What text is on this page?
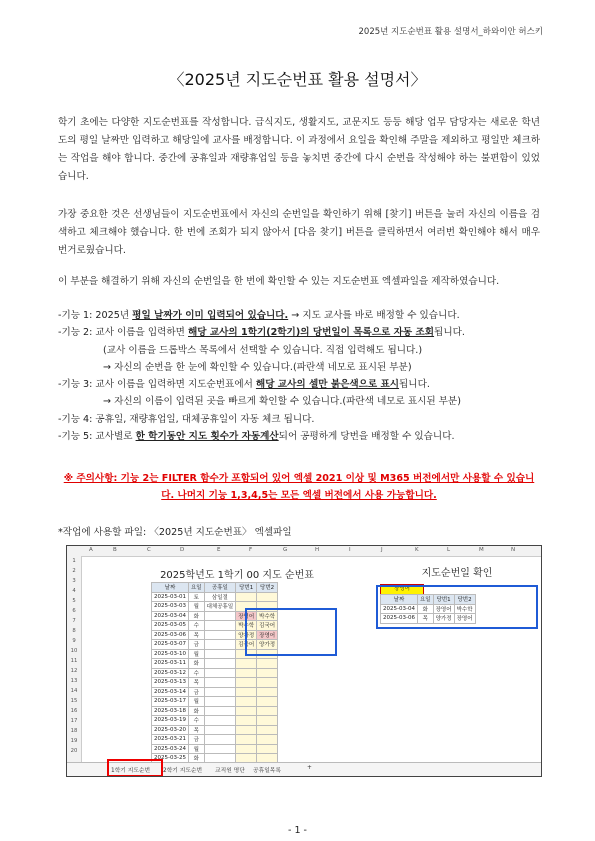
2025년 지도순번표 활용 설명서_하와이안 허스키
〈2025년 지도순번표 활용 설명서〉
학기 초에는 다양한 지도순번표를 작성합니다. 급식지도, 생활지도, 교문지도 등등 해당 업무 담당자는 새로운 학년도의 평일 날짜만 입력하고 해당일에 교사를 배정합니다. 이 과정에서 요일을 확인해 주말을 제외하고 평일만 체크하는 작업을 해야 합니다. 중간에 공휴일과 재량휴업일 등을 놓치면 중간에 다시 순번을 작성해야 하는 불편함이 있었습니다.
가장 중요한 것은 선생님들이 지도순번표에서 자신의 순번일을 확인하기 위해 [찾기] 버튼을 눌러 자신의 이름을 검색하고 체크해야 했습니다. 한 번에 조회가 되지 않아서 [다음 찾기] 버튼을 클릭하면서 여러번 확인해야 해서 매우 번거로웠습니다.
이 부분을 해결하기 위해 자신의 순번일을 한 번에 확인할 수 있는 지도순번표 엑셀파일을 제작하였습니다.
-기능 1: 2025년 평일 날짜가 이미 입력되어 있습니다. → 지도 교사를 바로 배정할 수 있습니다.
-기능 2: 교사 이름을 입력하면 해당 교사의 1학기(2학기)의 당번일이 목록으로 자동 조회됩니다.
(교사 이름을 드롭박스 목록에서 선택할 수 있습니다. 직접 입력해도 됩니다.)
→ 자신의 순번을 한 눈에 확인할 수 있습니다.(파란색 네모로 표시된 부분)
-기능 3: 교사 이름을 입력하면 지도순번표에서 해당 교사의 셀만 붉은색으로 표시됩니다.
→ 자신의 이름이 입력된 곳을 빠르게 확인할 수 있습니다.(파란색 네모로 표시된 부분)
-기능 4: 공휴일, 재량휴업일, 대체공휴일이 자동 체크 됩니다.
-기능 5: 교사별로 한 학기동안 지도 횟수가 자동계산되어 공평하게 당번을 배정할 수 있습니다.
※ 주의사항: 기능 2는 FILTER 함수가 포함되어 있어 엑셀 2021 이상 및 M365 버전에서만 사용할 수 있습니다. 나머지 기능 1,3,4,5는 모든 엑셀 버전에서 사용 가능합니다.
*작업에 사용할 파일: 〈2025년 지도순번표〉 엑셀파일
A	B	C	D	E	F	G	H	I	J	K	L	M	N
1
2
3
4
5
6
7
8
9
10
11
12
13
14
15
16
17
18
19
20
2025학년도 1학기 00 지도 순번표
날짜	요일	공휴일	당번1	당번2
2025-03-01	토	삼일절		
2025-03-03	월	대체공휴일		
2025-03-04	화		장영어	박수학
2025-03-05	수		박수학	김국어
2025-03-06	목		양가정	장영어
2025-03-07	금		김국어	양가정
2025-03-10	월			
2025-03-11	화			
2025-03-12	수			
2025-03-13	목			
2025-03-14	금			
2025-03-17	월			
2025-03-18	화			
2025-03-19	수			
2025-03-20	목			
2025-03-21	금			
2025-03-24	월			
2025-03-25	화			
지도순번일 확인
장영어
날짜	요일	당번1	당번2
2025-03-04	화	장영어	박수학
2025-03-06	목	양가정	장영어
1학기 지도순번 2학기 지도순번 교직원 명단 공휴일목록	+
- 1 -
